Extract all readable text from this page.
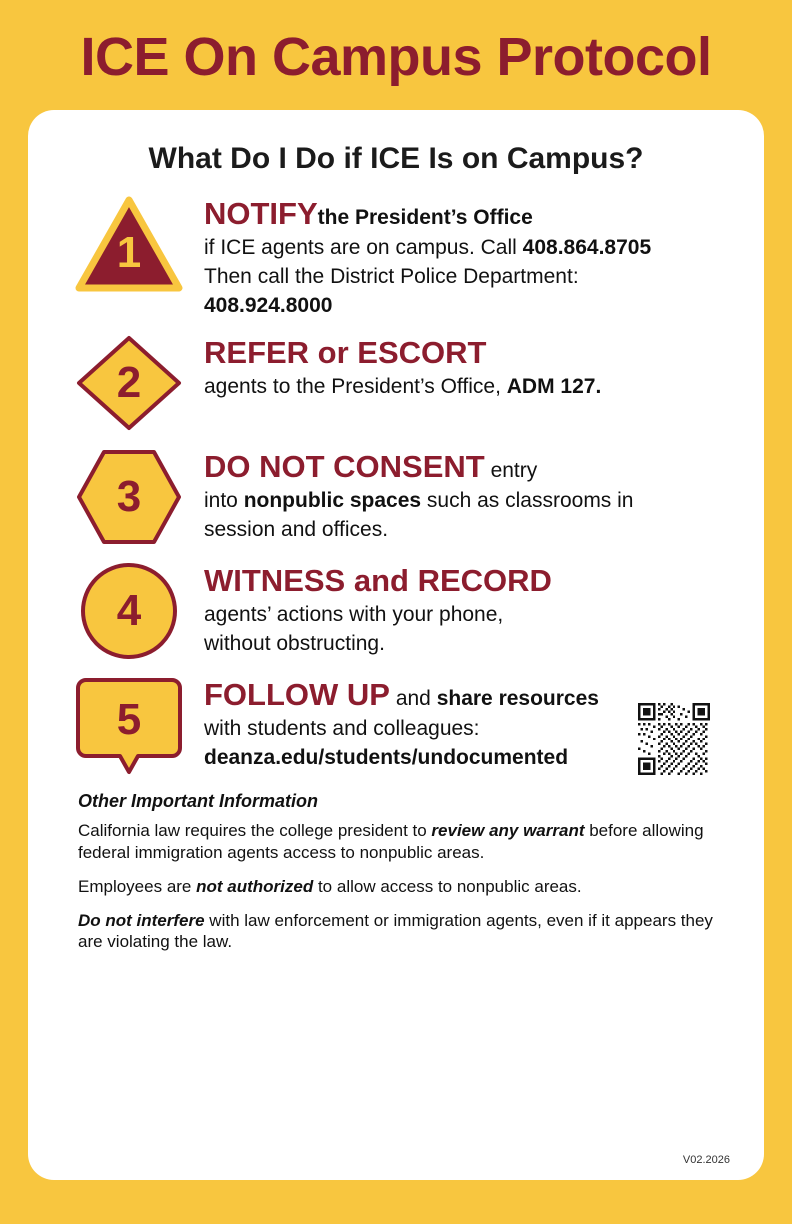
ICE On Campus Protocol
What Do I Do if ICE Is on Campus?
1
NOTIFYthe President’s Office
if ICE agents are on campus. Call 408.864.8705
Then call the District Police Department:
408.924.8000
2
REFER or ESCORT
agents to the President’s Office, ADM 127.
3
DO NOT CONSENT entry
into nonpublic spaces such as classrooms in
session and offices.
4
WITNESS and RECORD
agents’ actions with your phone,
without obstructing.
5
FOLLOW UP and share resources
with students and colleagues:
deanza.edu/students/undocumented
Other Important Information

California law requires the college president to review any warrant before allowing federal immigration agents access to nonpublic areas.

Employees are not authorized to allow access to nonpublic areas.

Do not interfere with law enforcement or immigration agents, even if it appears they are violating the law.

V02.2026
